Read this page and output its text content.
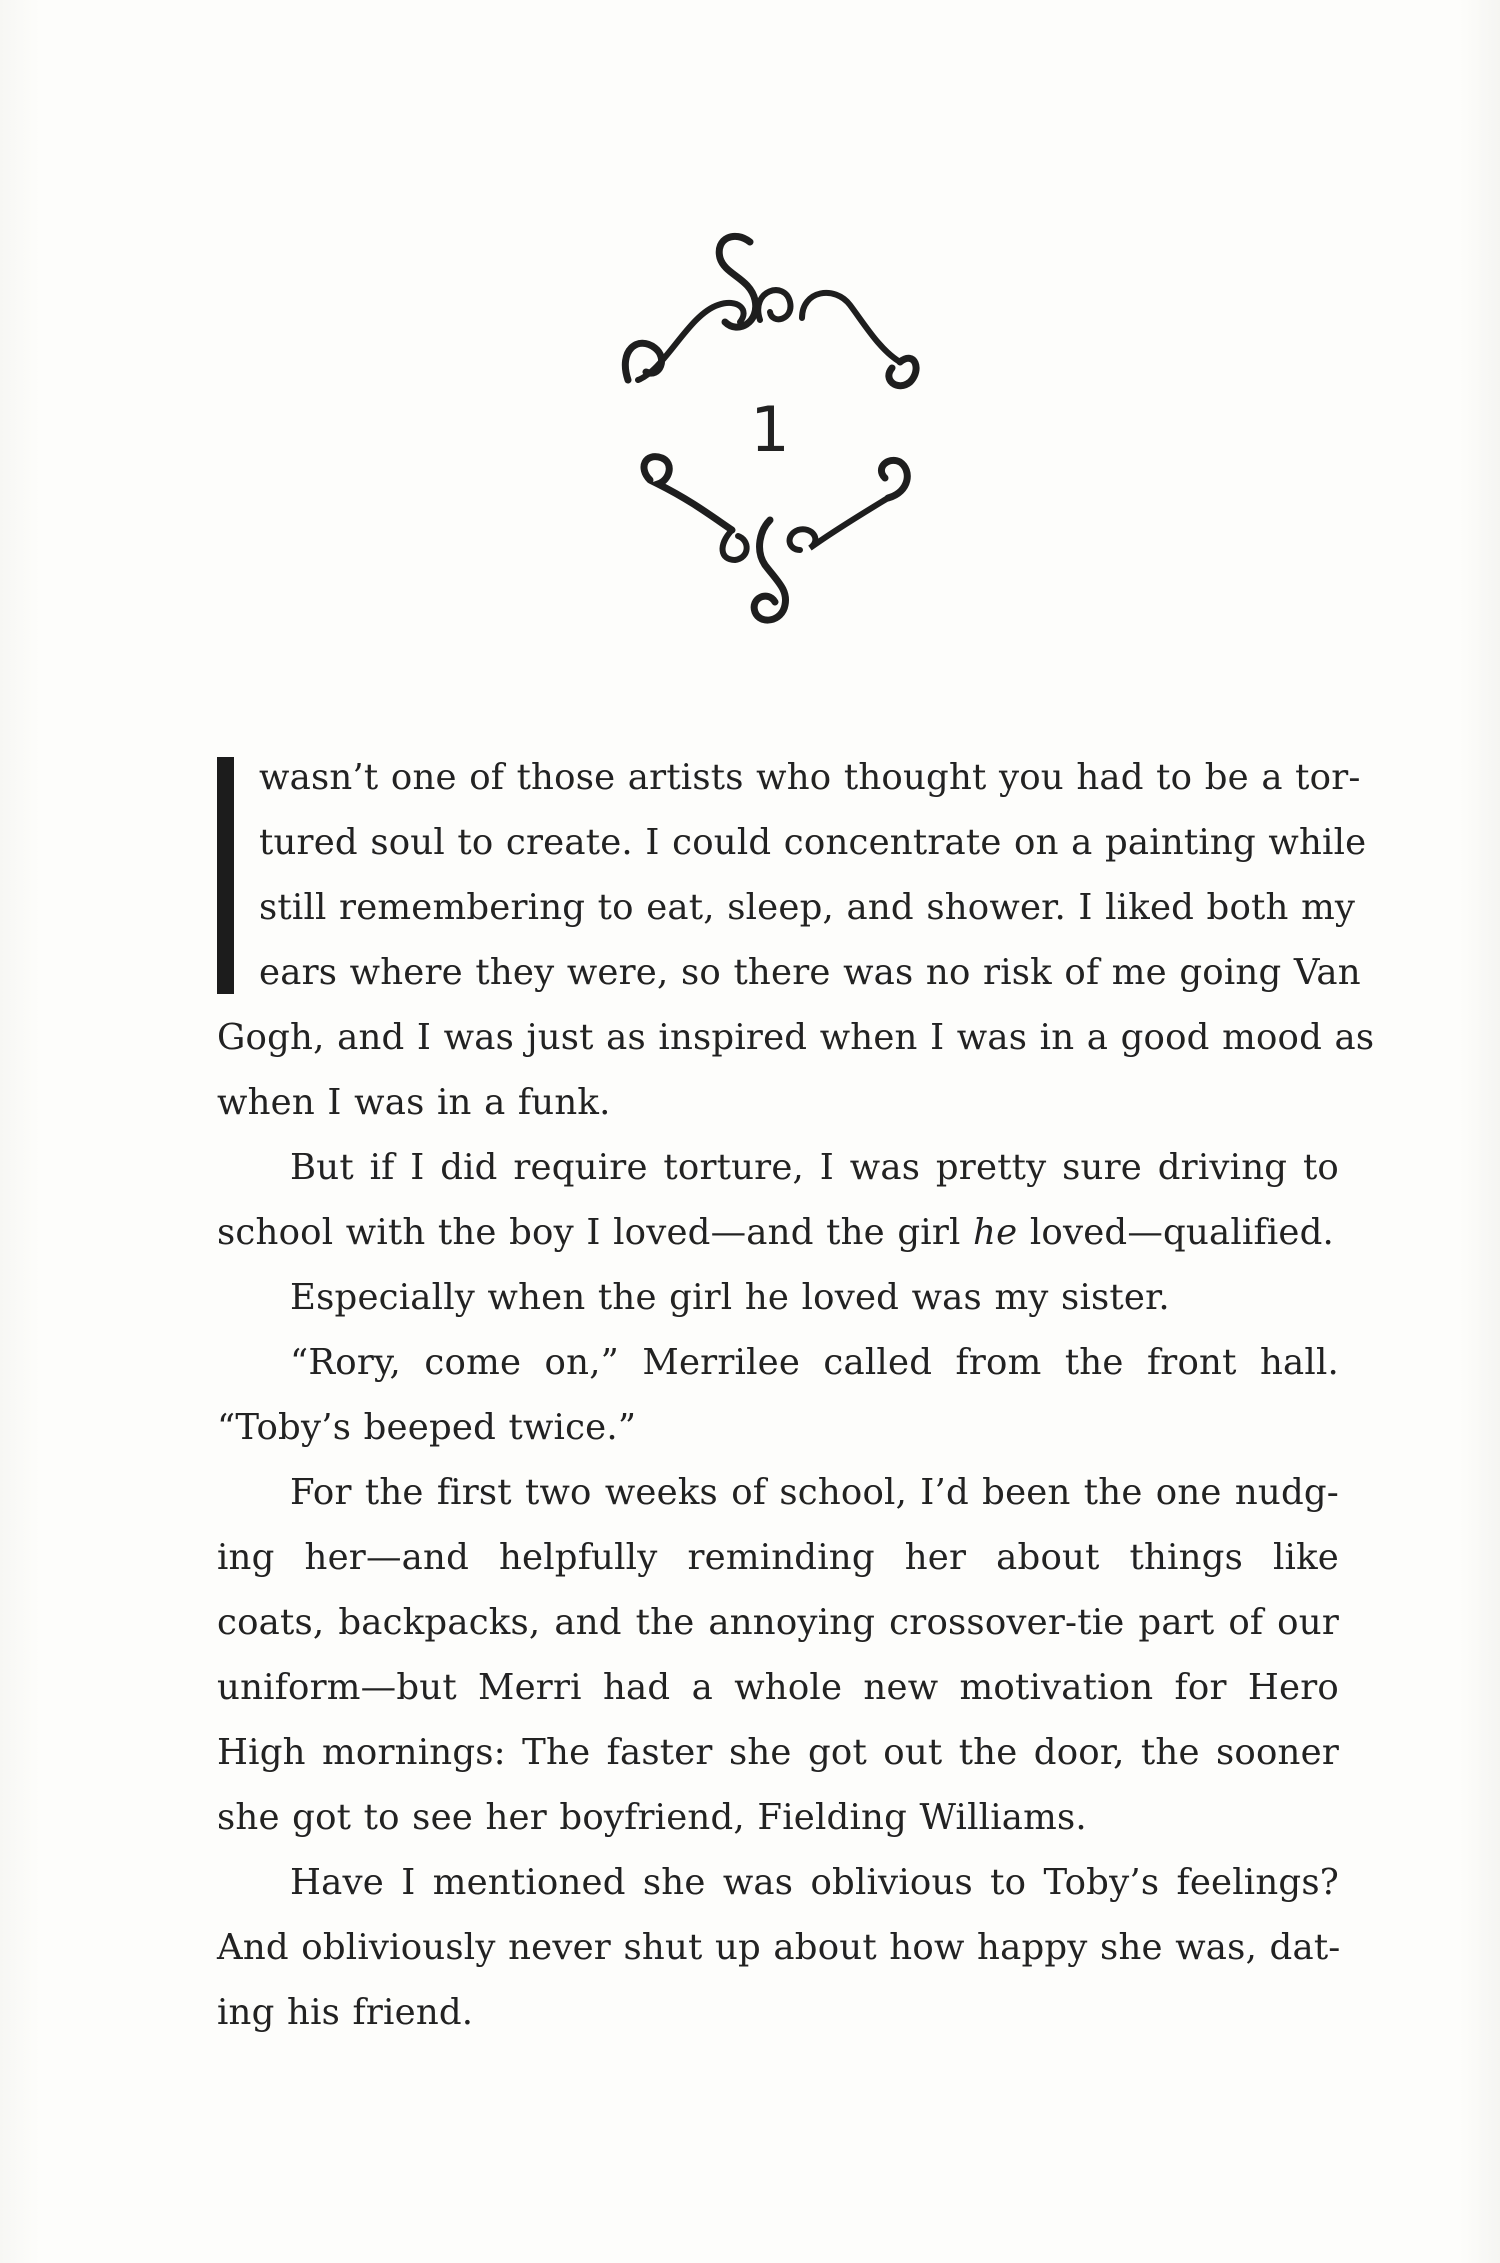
1
wasn’t one of those artists who thought you had to be a tor-
tured soul to create. I could concentrate on a painting while
still remembering to eat, sleep, and shower. I liked both my
ears where they were, so there was no risk of me going Van
Gogh, and I was just as inspired when I was in a good mood as
when I was in a funk.
But if I did require torture, I was pretty sure driving to
school with the boy I loved—and the girl he loved—qualified.
Especially when the girl he loved was my sister.
“Rory, come on,” Merrilee called from the front hall.
“Toby’s beeped twice.”
For the first two weeks of school, I’d been the one nudg-
ing her—and helpfully reminding her about things like
coats, backpacks, and the annoying crossover-tie part of our
uniform—but Merri had a whole new motivation for Hero
High mornings: The faster she got out the door, the sooner
she got to see her boyfriend, Fielding Williams.
Have I mentioned she was oblivious to Toby’s feelings?
And obliviously never shut up about how happy she was, dat-
ing his friend.
